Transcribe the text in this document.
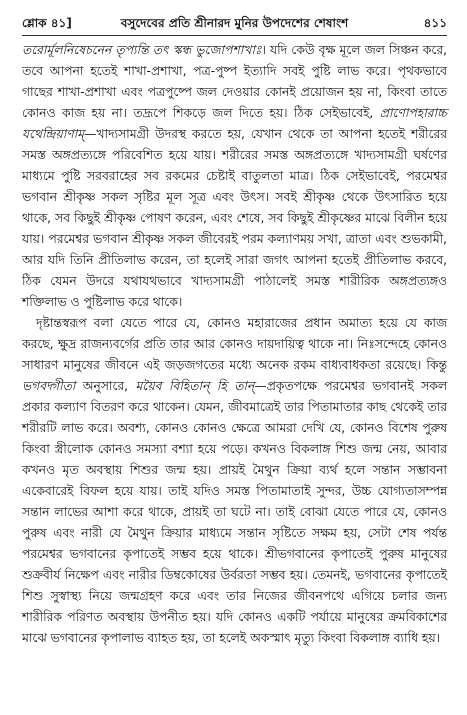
শ্লোক ৪১]	বসুদেবের প্রতি শ্রীনারদ মুনির উপদেশের শেষাংশ	৪১১

তরোর্মূলনিষেচনেন তৃপ্যন্তি তৎ স্কন্ধ ভুজোপশাখাঃ। যদি কেউ বৃক্ষ মূলে জল সিঞ্চন করে, তবে আপনা হতেই শাখা-প্রশাখা, পত্র-পুষ্প ইত্যাদি সবই পুষ্টি লাভ করে। পৃথকভাবে গাছের শাখা-প্রশাখা এবং পত্রপুষ্পে জল দেওয়ার কোনই প্রয়োজন হয় না, কিংবা তাতে কোনও কাজ হয় না। তদ্রূপে শিকড়ে জল দিতে হয়। ঠিক সেইভাবেই, প্রাণোপহারাচ্চ যথেন্দ্রিয়াণাম্—খাদ্যসামগ্রী উদরস্থ করতে হয়, যেখান থেকে তা আপনা হতেই শরীরের সমস্ত অঙ্গপ্রত্যঙ্গে পরিবেশিত হয়ে যায়। শরীরের সমস্ত অঙ্গপ্রত্যঙ্গে খাদ্যসামগ্রী ঘর্ষণের মাধ্যমে পুষ্টি সরবরাহের সব রকমের চেষ্টাই বাতুলতা মাত্র। ঠিক সেইভাবেই, পরমেশ্বর ভগবান শ্রীকৃষ্ণ সকল সৃষ্টির মূল সূত্র এবং উৎস। সবই শ্রীকৃষ্ণ থেকে উৎসারিত হয়ে থাকে, সব কিছুই শ্রীকৃষ্ণ পোষণ করেন, এবং শেষে, সব কিছুই শ্রীকৃষ্ণের মাঝে বিলীন হয়ে যায়। পরমেশ্বর ভগবান শ্রীকৃষ্ণ সকল জীবেরই পরম কল্যাণময় সখা, ত্রাতা এবং শুভকামী, আর যদি তিনি প্রীতিলাভ করেন, তা হলেই সারা জগৎ আপনা হতেই প্রীতিলাভ করবে, ঠিক যেমন উদরে যথাযথভাবে খাদ্যসামগ্রী পাঠালেই সমস্ত শারীরিক অঙ্গপ্রত্যঙ্গও শক্তিলাভ ও পুষ্টিলাভ করে থাকে।

দৃষ্টান্তস্বরূপ বলা যেতে পারে যে, কোনও মহারাজের প্রধান অমাত্য হয়ে যে কাজ করছে, ক্ষুদ্র রাজন্যবর্গের প্রতি তার আর কোনও দায়দায়িত্ব থাকে না। নিঃসন্দেহে কোনও সাধারণ মানুষের জীবনে এই জড়জগতের মধ্যে অনেক রকম বাধ্যবাধকতা রয়েছে। কিন্তু ভগবদ্গীতা অনুসারে, ময়ৈব বিহিতান্ হি তান্—প্রকৃতপক্ষে পরমেশ্বর ভগবানই সকল প্রকার কল্যাণ বিতরণ করে থাকেন। যেমন, জীবমাত্রেই তার পিতামাতার কাছ থেকেই তার শরীরটি লাভ করে। অবশ্য, কোনও কোনও ক্ষেত্রে আমরা দেখি যে, কোনও বিশেষ পুরুষ কিংবা স্ত্রীলোক কোনও সমস্যা বশ্যা হয়ে পড়ে। কখনও বিকলাঙ্গ শিশু জন্ম নেয়, আবার কখনও মৃত অবস্থায় শিশুর জন্ম হয়। প্রায়ই মৈথুন ক্রিয়া ব্যর্থ হলে সন্তান সম্ভাবনা একেবারেই বিফল হয়ে যায়। তাই যদিও সমস্ত পিতামাতাই সুন্দর, উচ্চ যোগ্যতাসম্পন্ন সন্তান লাভের আশা করে থাকে, প্রায়ই তা ঘটে না। তাই বোঝা যেতে পারে যে, কোনও পুরুষ এবং নারী যে মৈথুন ক্রিয়ার মাধ্যমে সন্তান সৃষ্টিতে সক্ষম হয়, সেটা শেষ পর্যন্ত পরমেশ্বর ভগবানের কৃপাতেই সম্ভব হয়ে থাকে। শ্রীভগবানের কৃপাতেই পুরুষ মানুষের শুক্রবীর্য নিক্ষেপ এবং নারীর ডিম্বকোষের উর্বরতা সম্ভব হয়। তেমনই, ভগবানের কৃপাতেই শিশু সুস্বাস্থ্য নিয়ে জন্মগ্রহণ করে এবং তার নিজের জীবনপথে এগিয়ে চলার জন্য শারীরিক পরিণত অবস্থায় উপনীত হয়। যদি কোনও একটি পর্যায়ে মানুষের ক্রমবিকাশের মাঝে ভগবানের কৃপালাভ ব্যাহত হয়, তা হলেই অকস্মাৎ মৃত্যু কিংবা বিকলাঙ্গ ব্যাধি হয়।
